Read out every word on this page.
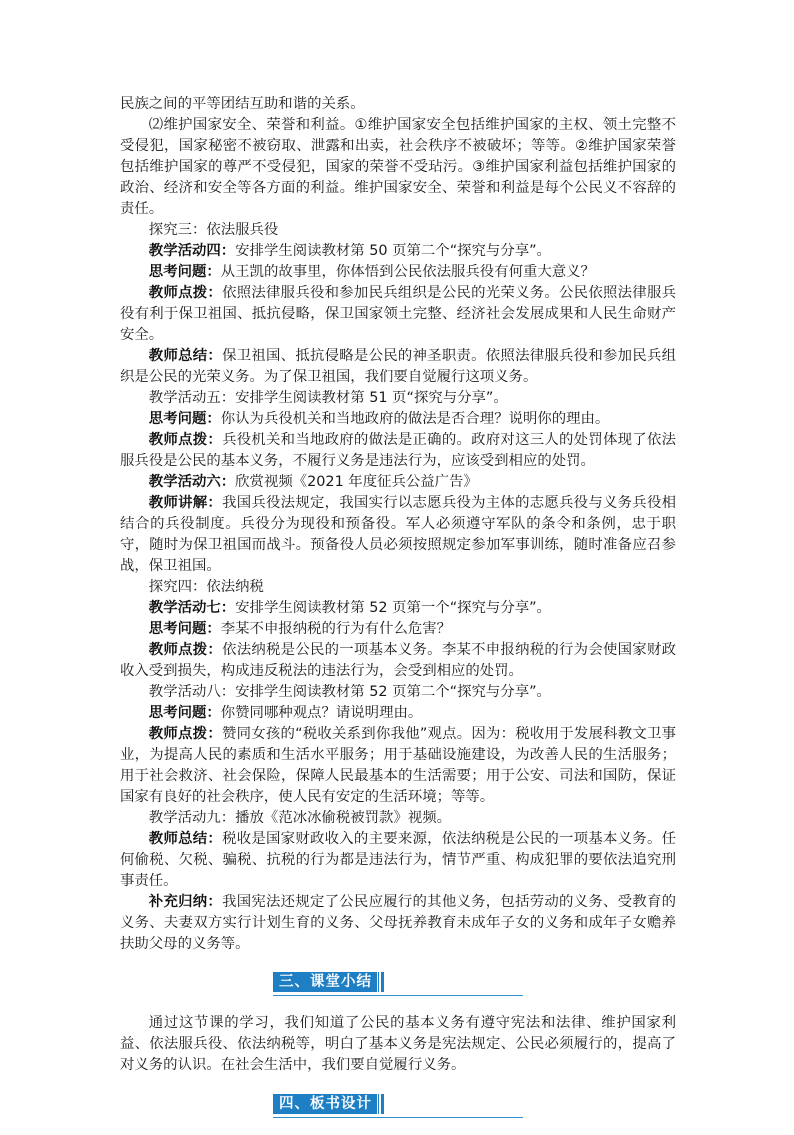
民族之间的平等团结互助和谐的关系。

⑵维护国家安全、荣誉和利益。①维护国家安全包括维护国家的主权、领土完整不受侵犯，国家秘密不被窃取、泄露和出卖，社会秩序不被破坏；等等。②维护国家荣誉包括维护国家的尊严不受侵犯，国家的荣誉不受玷污。③维护国家利益包括维护国家的政治、经济和安全等各方面的利益。维护国家安全、荣誉和利益是每个公民义不容辞的责任。

探究三：依法服兵役

教学活动四：安排学生阅读教材第 50 页第二个“探究与分享”。

思考问题：从王凯的故事里，你体悟到公民依法服兵役有何重大意义？

教师点拨：依照法律服兵役和参加民兵组织是公民的光荣义务。公民依照法律服兵役有利于保卫祖国、抵抗侵略，保卫国家领土完整、经济社会发展成果和人民生命财产安全。

教师总结：保卫祖国、抵抗侵略是公民的神圣职责。依照法律服兵役和参加民兵组织是公民的光荣义务。为了保卫祖国，我们要自觉履行这项义务。

教学活动五：安排学生阅读教材第 51 页“探究与分享”。

思考问题：你认为兵役机关和当地政府的做法是否合理？说明你的理由。

教师点拨：兵役机关和当地政府的做法是正确的。政府对这三人的处罚体现了依法服兵役是公民的基本义务，不履行义务是违法行为，应该受到相应的处罚。

教学活动六：欣赏视频《2021 年度征兵公益广告》

教师讲解：我国兵役法规定，我国实行以志愿兵役为主体的志愿兵役与义务兵役相结合的兵役制度。兵役分为现役和预备役。军人必须遵守军队的条令和条例，忠于职守，随时为保卫祖国而战斗。预备役人员必须按照规定参加军事训练，随时准备应召参战，保卫祖国。

探究四：依法纳税

教学活动七：安排学生阅读教材第 52 页第一个“探究与分享”。

思考问题：李某不申报纳税的行为有什么危害？

教师点拨：依法纳税是公民的一项基本义务。李某不申报纳税的行为会使国家财政收入受到损失，构成违反税法的违法行为，会受到相应的处罚。

教学活动八：安排学生阅读教材第 52 页第二个“探究与分享”。

思考问题：你赞同哪种观点？请说明理由。

教师点拨：赞同女孩的“税收关系到你我他”观点。因为：税收用于发展科教文卫事业，为提高人民的素质和生活水平服务；用于基础设施建设，为改善人民的生活服务；用于社会救济、社会保险，保障人民最基本的生活需要；用于公安、司法和国防，保证国家有良好的社会秩序，使人民有安定的生活环境；等等。

教学活动九：播放《范冰冰偷税被罚款》视频。

教师总结：税收是国家财政收入的主要来源，依法纳税是公民的一项基本义务。任何偷税、欠税、骗税、抗税的行为都是违法行为，情节严重、构成犯罪的要依法追究刑事责任。

补充归纳：我国宪法还规定了公民应履行的其他义务，包括劳动的义务、受教育的义务、夫妻双方实行计划生育的义务、父母抚养教育未成年子女的义务和成年子女赡养扶助父母的义务等。

三、课堂小结

通过这节课的学习，我们知道了公民的基本义务有遵守宪法和法律、维护国家利益、依法服兵役、依法纳税等，明白了基本义务是宪法规定、公民必须履行的，提高了对义务的认识。在社会生活中，我们要自觉履行义务。

四、板书设计
